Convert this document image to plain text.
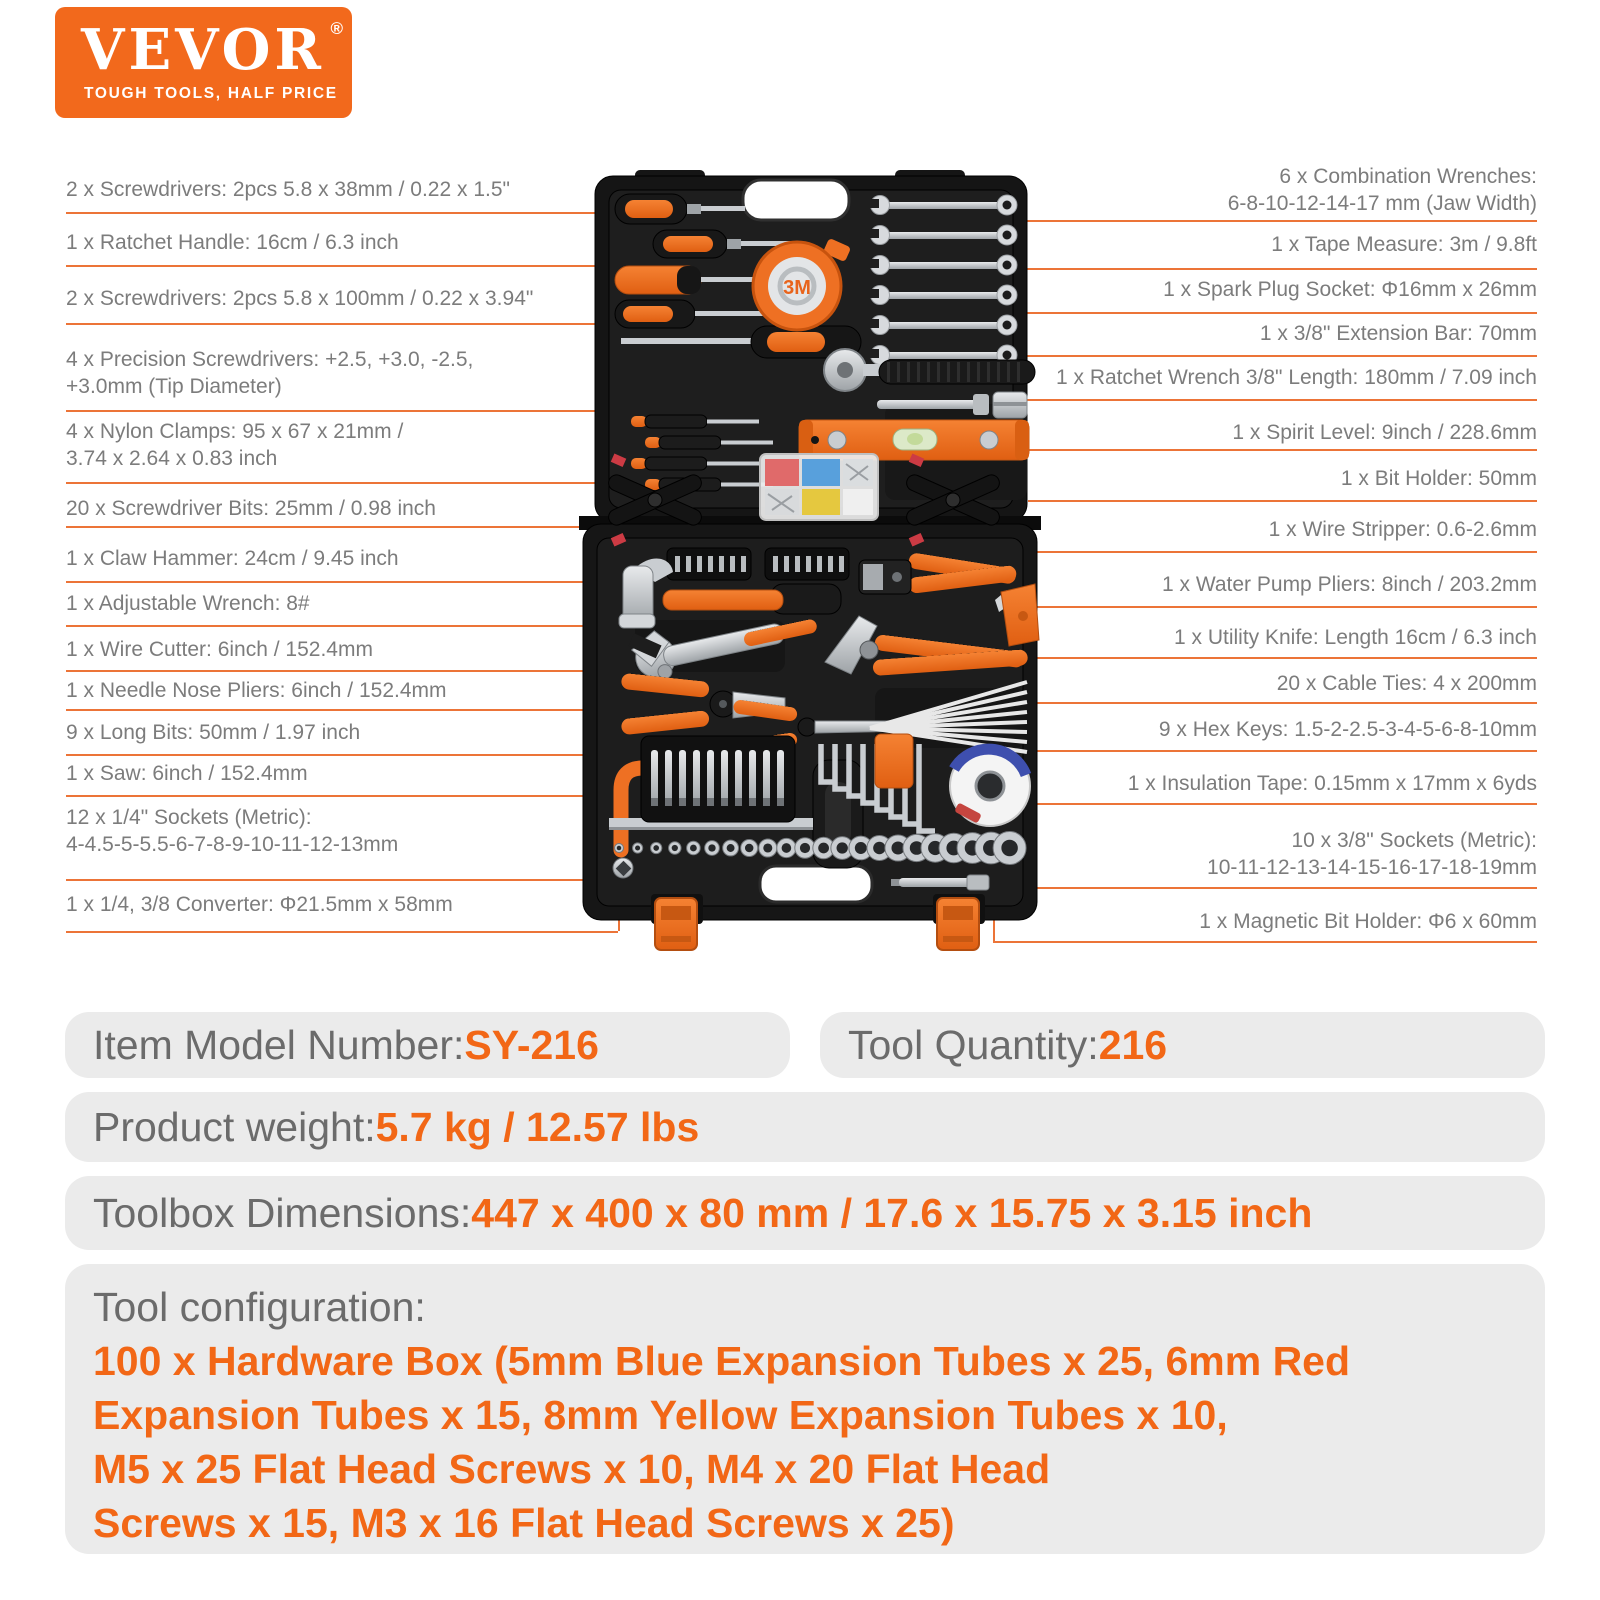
VEVOR ®
TOUGH TOOLS, HALF PRICE
2 x Screwdrivers: 2pcs 5.8 x 38mm / 0.22 x 1.5"
1 x Ratchet Handle: 16cm / 6.3 inch
2 x Screwdrivers: 2pcs 5.8 x 100mm / 0.22 x 3.94"
4 x Precision Screwdrivers: +2.5, +3.0, -2.5,
+3.0mm (Tip Diameter)
4 x Nylon Clamps: 95 x 67 x 21mm /
3.74 x 2.64 x 0.83 inch
20 x Screwdriver Bits: 25mm / 0.98 inch
1 x Claw Hammer: 24cm / 9.45 inch
1 x Adjustable Wrench: 8#
1 x Wire Cutter: 6inch / 152.4mm
1 x Needle Nose Pliers: 6inch / 152.4mm
9 x Long Bits: 50mm / 1.97 inch
1 x Saw: 6inch / 152.4mm
12 x 1/4" Sockets (Metric):
4-4.5-5-5.5-6-7-8-9-10-11-12-13mm
1 x 1/4, 3/8 Converter: Φ21.5mm x 58mm
6 x Combination Wrenches:
6-8-10-12-14-17 mm (Jaw Width)
1 x Tape Measure: 3m / 9.8ft
1 x Spark Plug Socket: Φ16mm x 26mm
1 x 3/8" Extension Bar: 70mm
1 x Ratchet Wrench 3/8" Length: 180mm / 7.09 inch
1 x Spirit Level: 9inch / 228.6mm
1 x Bit Holder: 50mm
1 x Wire Stripper: 0.6-2.6mm
1 x Water Pump Pliers: 8inch / 203.2mm
1 x Utility Knife: Length 16cm / 6.3 inch
20 x Cable Ties: 4 x 200mm
9 x Hex Keys: 1.5-2-2.5-3-4-5-6-8-10mm
1 x Insulation Tape: 0.15mm x 17mm x 6yds
10 x 3/8" Sockets (Metric):
10-11-12-13-14-15-16-17-18-19mm
1 x Magnetic Bit Holder: Φ6 x 60mm
3M
Item Model Number: SY-216	Tool Quantity: 216
Product weight: 5.7 kg / 12.57 lbs
Toolbox Dimensions: 447 x 400 x 80 mm / 17.6 x 15.75 x 3.15 inch
Tool configuration:
100 x Hardware Box (5mm Blue Expansion Tubes x 25, 6mm Red
Expansion Tubes x 15, 8mm Yellow Expansion Tubes x 10,
M5 x 25 Flat Head Screws x 10, M4 x 20 Flat Head
Screws x 15, M3 x 16 Flat Head Screws x 25)
